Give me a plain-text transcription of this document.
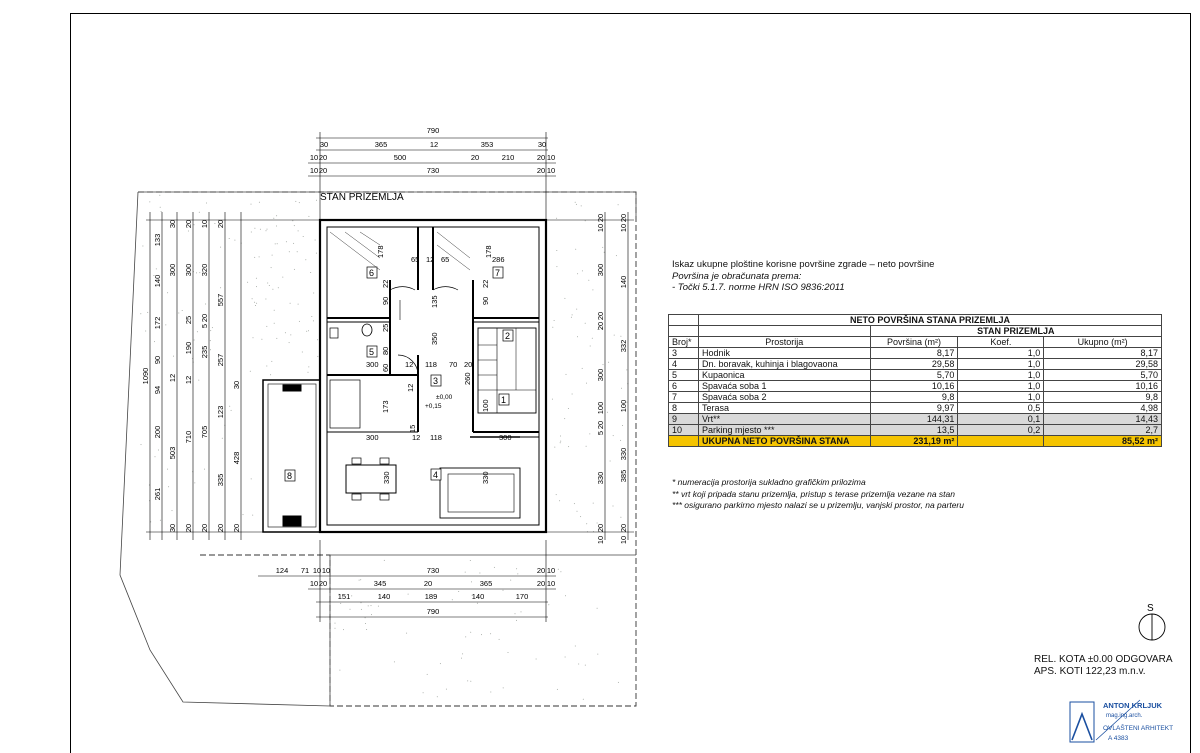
STAN PRIZEMLJA
6	7
5
3
2
1
4
8
178	178
286
65 12 65
22
90
22
90
135
350
300	12 118 70 20
80
25
260
60
173
12
300	12 118	300
330	330
100
15
±0,00
+0,15
790
30	365	12	353	30
10 20	500	20	210	20 10
10 20	730	20 10
124 71 10 10	730	20 10
10 20	345	20	365	20 10
151	140	189	140	170
790
1090
133
140
172
90
94
200
261
30
300
12
503
30
20
300
25
190
12
710
20
10
320
20
5
235
705
20
20
557
257
123
335
20
30
428
20
20
10
300
20
20
300
20
5
330
20
10
20
10
140
332
100
100
330
385
20
10
S
ANTON KRLJUK
mag.ing.arch.
OVLAŠTENI ARHITEKT
A 4383
Iskaz ukupne ploštine korisne površine zgrade – neto površine
Površina je obračunata prema:
- Točki 5.1.7. norme HRN ISO 9836:2011
	NETO POVRŠINA STANA PRIZEMLJA			
		STAN PRIZEMLJA		
Broj*	Prostorija	Površina (m²)	Koef.	Ukupno (m²)
3	Hodnik	8,17	1,0	8,17
4	Dn. boravak, kuhinja i blagovaona	29,58	1,0	29,58
5	Kupaonica	5,70	1,0	5,70
6	Spavaća soba 1	10,16	1,0	10,16
7	Spavaća soba 2	9,8	1,0	9,8
8	Terasa	9,97	0,5	4,98
9	Vrt**	144,31	0,1	14,43
10	Parking mjesto ***	13,5	0,2	2,7
	UKUPNA NETO POVRŠINA STANA	231,19 m²		85,52 m²
* numeracija prostorija sukladno grafičkim prilozima
** vrt koji pripada stanu prizemlja, pristup s terase prizemlja vezane na stan
*** osigurano parkirno mjesto nalazi se u prizemlju, vanjski prostor, na parteru
REL. KOTA ±0.00 ODGOVARA
APS. KOTI 122,23 m.n.v.
